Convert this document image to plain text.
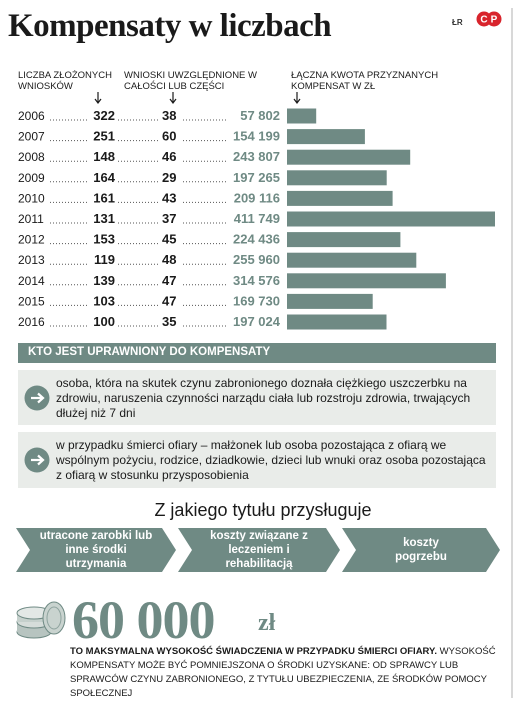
Kompensaty w liczbach	ŁR C P
LICZBA ZŁOŻONYCH WNIOSKÓW
WNIOSKI UWZGLĘDNIONE W CAŁOŚCI LUB CZĘŚCI
ŁĄCZNA KWOTA PRZYZNANYCH KOMPENSAT W ZŁ
2006	322	38	57 802
2007	251	60	154 199
2008	148	46	243 807
2009	164	29	197 265
2010	161	43	209 116
2011	131	37	411 749
2012	153	45	224 436
2013	119	48	255 960
2014	139	47	314 576
2015	103	47	169 730
2016	100	35	197 024
KTO JEST UPRAWNIONY DO KOMPENSATY
osoba, która na skutek czynu zabronionego doznała ciężkiego uszczerbku na zdrowiu, naruszenia czynności narządu ciała lub rozstroju zdrowia, trwających dłużej niż 7 dni
w przypadku śmierci ofiary – małżonek lub osoba pozostająca z ofiarą we wspólnym pożyciu, rodzice, dziadkowie, dzieci lub wnuki oraz osoba pozostająca z ofiarą w stosunku przysposobienia
Z jakiego tytułu przysługuje
utracone zarobki lub inne środki utrzymania
koszty związane z leczeniem i rehabilitacją
koszty pogrzebu
60 000 zł
TO MAKSYMALNA WYSOKOŚĆ ŚWIADCZENIA W PRZYPADKU ŚMIERCI OFIARY. WYSOKOŚĆ KOMPENSATY MOŻE BYĆ POMNIEJSZONA O ŚRODKI UZYSKANE: OD SPRAWCY LUB SPRAWCÓW CZYNU ZABRONIONEGO, Z TYTUŁU UBEZPIECZENIA, ZE ŚRODKÓW POMOCY SPOŁECZNEJ
